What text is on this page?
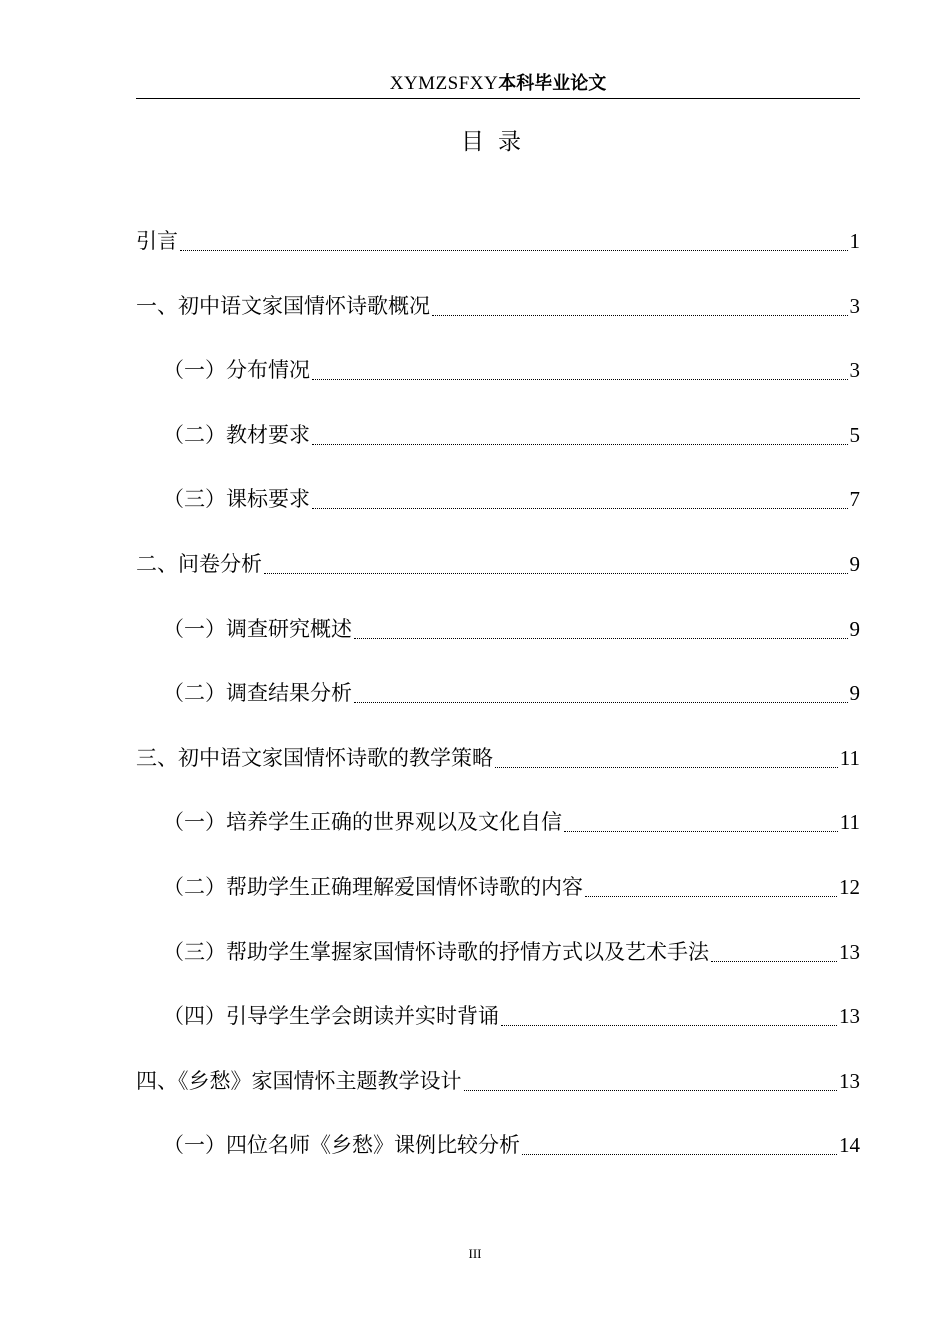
XYMZSFXY本科毕业论文
目录
引言	1
一、初中语文家国情怀诗歌概况	3
（一）分布情况	3
（二）教材要求	5
（三）课标要求	7
二、问卷分析	9
（一）调查研究概述	9
（二）调查结果分析	9
三、初中语文家国情怀诗歌的教学策略	11
（一）培养学生正确的世界观以及文化自信	11
（二）帮助学生正确理解爱国情怀诗歌的内容	12
（三）帮助学生掌握家国情怀诗歌的抒情方式以及艺术手法	13
（四）引导学生学会朗读并实时背诵	13
四、《乡愁》家国情怀主题教学设计	13
（一）四位名师《乡愁》课例比较分析	14
III
